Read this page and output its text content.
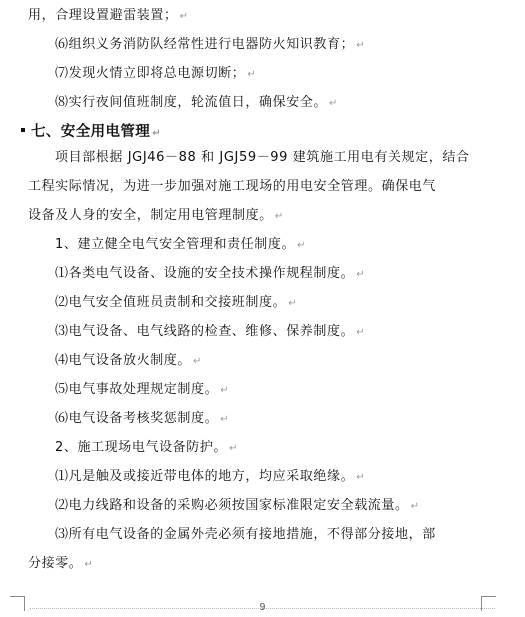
用，合理设置避雷装置； ↵
⑹组织义务消防队经常性进行电器防火知识教育； ↵
⑺发现火情立即将总电源切断； ↵
⑻实行夜间值班制度，轮流值日，确保安全。 ↵
七、安全用电管理 ↵
项目部根据 JGJ46－88 和 JGJ59－99 建筑施工用电有关规定，结合
工程实际情况，为进一步加强对施工现场的用电安全管理。确保电气
设备及人身的安全，制定用电管理制度。 ↵
1、建立健全电气安全管理和责任制度。 ↵
⑴各类电气设备、设施的安全技术操作规程制度。 ↵
⑵电气安全值班员责制和交接班制度。 ↵
⑶电气设备、电气线路的检查、维修、保养制度。 ↵
⑷电气设备放火制度。 ↵
⑸电气事故处理规定制度。 ↵
⑹电气设备考核奖惩制度。 ↵
2、施工现场电气设备防护。 ↵
⑴凡是触及或接近带电体的地方，均应采取绝缘。 ↵
⑵电力线路和设备的采购必须按国家标准限定安全载流量。 ↵
⑶所有电气设备的金属外壳必须有接地措施，不得部分接地，部
分接零。 ↵
9
